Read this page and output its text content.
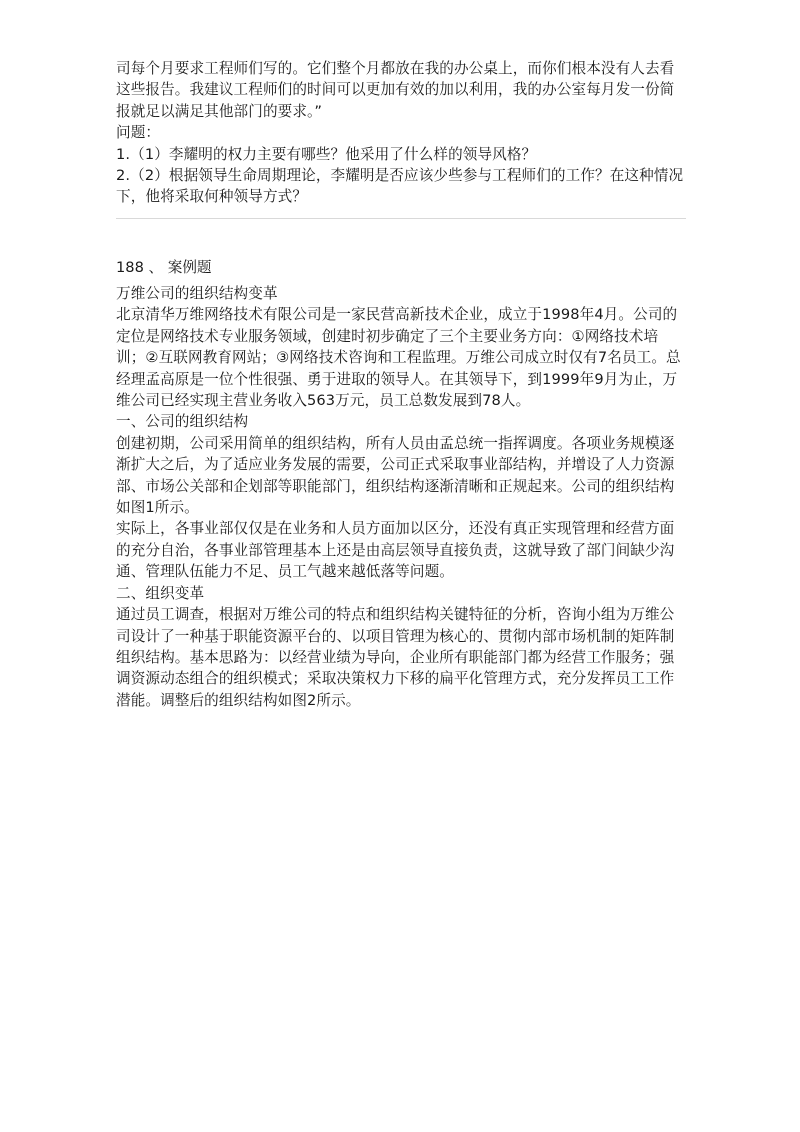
司每个月要求工程师们写的。它们整个月都放在我的办公桌上，而你们根本没有人去看这些报告。我建议工程师们的时间可以更加有效的加以利用，我的办公室每月发一份简报就足以满足其他部门的要求。”

问题：

1.（1）李耀明的权力主要有哪些？他采用了什么样的领导风格？

2.（2）根据领导生命周期理论，李耀明是否应该少些参与工程师们的工作？在这种情况下，他将采取何种领导方式？

188 、 案例题

万维公司的组织结构变革

北京清华万维网络技术有限公司是一家民营高新技术企业，成立于1998年4月。公司的定位是网络技术专业服务领域，创建时初步确定了三个主要业务方向：①网络技术培训；②互联网教育网站；③网络技术咨询和工程监理。万维公司成立时仅有7名员工。总经理孟高原是一位个性很强、勇于进取的领导人。在其领导下，到1999年9月为止，万维公司已经实现主营业务收入563万元，员工总数发展到78人。

一、公司的组织结构

创建初期，公司采用简单的组织结构，所有人员由孟总统一指挥调度。各项业务规模逐渐扩大之后，为了适应业务发展的需要，公司正式采取事业部结构，并增设了人力资源部、市场公关部和企划部等职能部门，组织结构逐渐清晰和正规起来。公司的组织结构如图1所示。

实际上，各事业部仅仅是在业务和人员方面加以区分，还没有真正实现管理和经营方面的充分自治，各事业部管理基本上还是由高层领导直接负责，这就导致了部门间缺少沟通、管理队伍能力不足、员工气越来越低落等问题。

二、组织变革

通过员工调查，根据对万维公司的特点和组织结构关键特征的分析，咨询小组为万维公司设计了一种基于职能资源平台的、以项目管理为核心的、贯彻内部市场机制的矩阵制组织结构。基本思路为：以经营业绩为导向，企业所有职能部门都为经营工作服务；强调资源动态组合的组织模式；采取决策权力下移的扁平化管理方式，充分发挥员工工作潜能。调整后的组织结构如图2所示。
